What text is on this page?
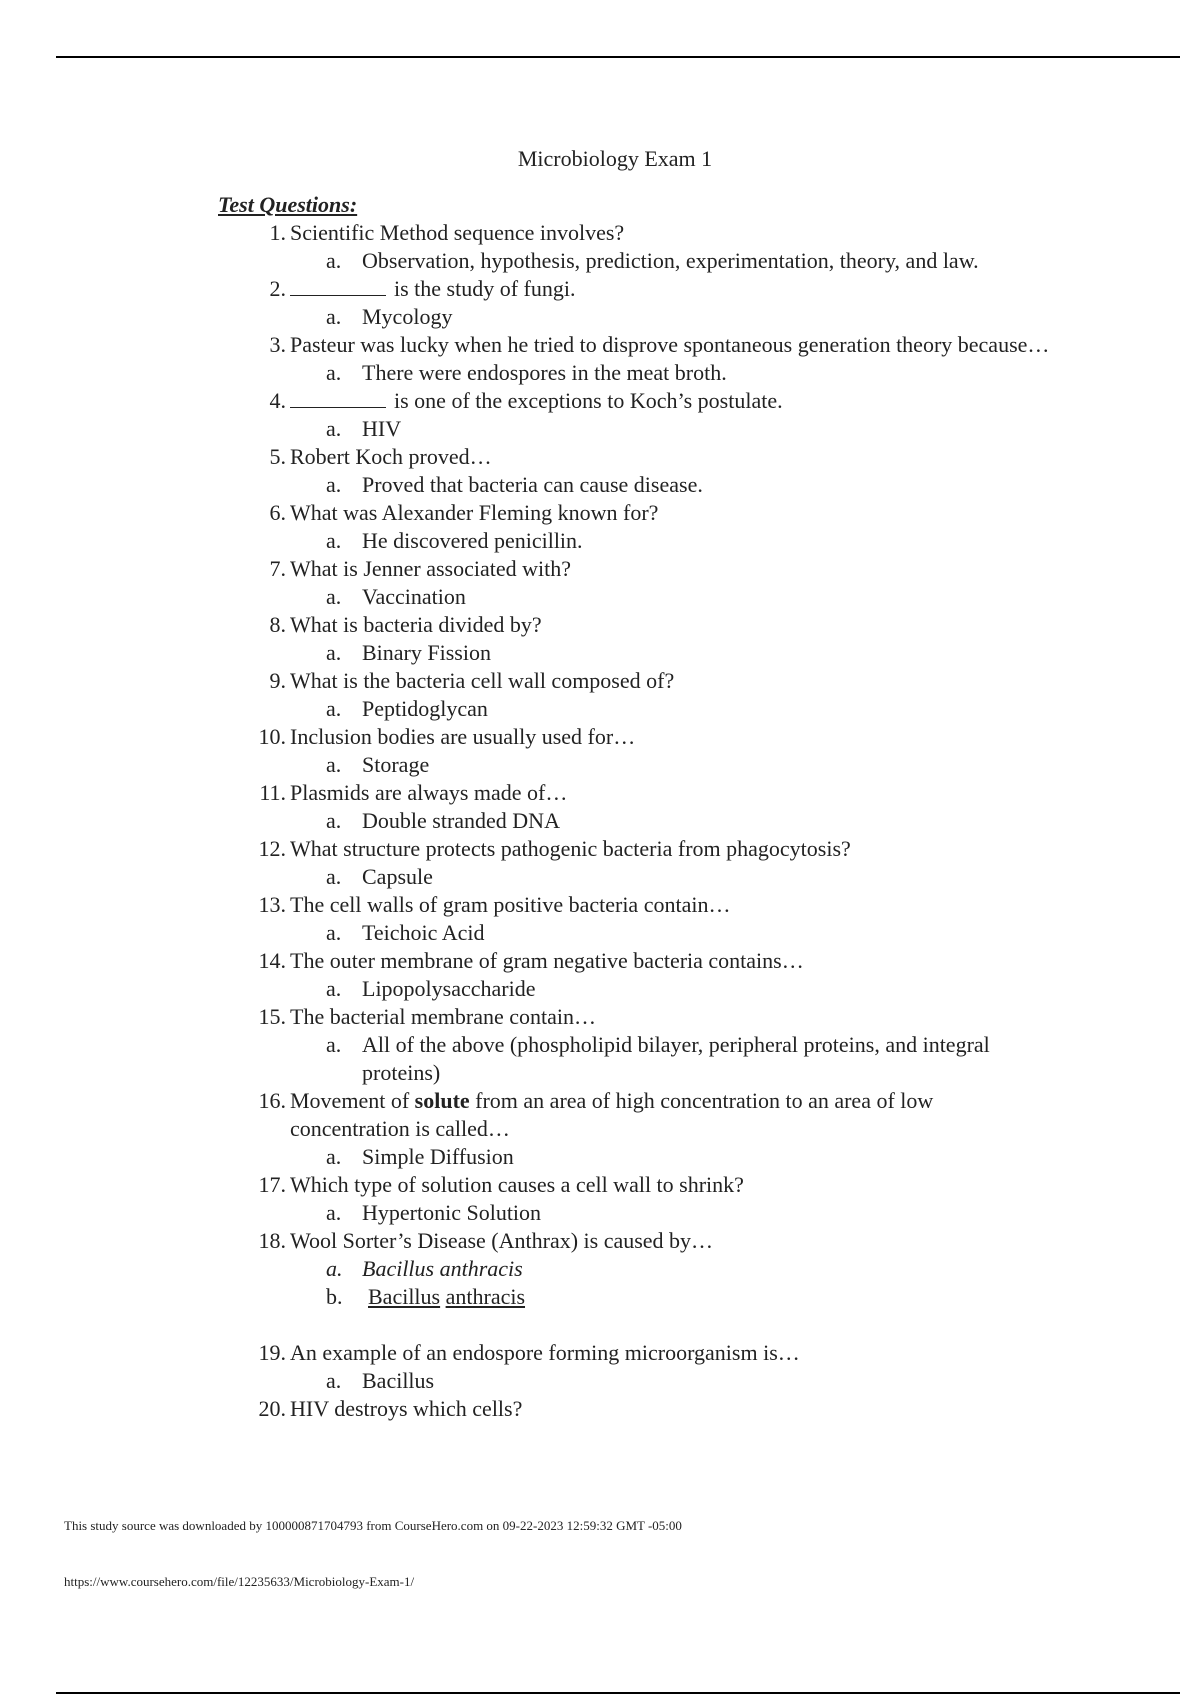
Microbiology Exam 1
Test Questions:
1. Scientific Method sequence involves?
a. Observation, hypothesis, prediction, experimentation, theory, and law.
2.	is the study of fungi.
a. Mycology
3. Pasteur was lucky when he tried to disprove spontaneous generation theory because…
a. There were endospores in the meat broth.
4.	is one of the exceptions to Koch’s postulate.
a. HIV
5. Robert Koch proved…
a. Proved that bacteria can cause disease.
6. What was Alexander Fleming known for?
a. He discovered penicillin.
7. What is Jenner associated with?
a. Vaccination
8. What is bacteria divided by?
a. Binary Fission
9. What is the bacteria cell wall composed of?
a. Peptidoglycan
10. Inclusion bodies are usually used for…
a. Storage
11. Plasmids are always made of…
a. Double stranded DNA
12. What structure protects pathogenic bacteria from phagocytosis?
a. Capsule
13. The cell walls of gram positive bacteria contain…
a. Teichoic Acid
14. The outer membrane of gram negative bacteria contains…
a. Lipopolysaccharide
15. The bacterial membrane contain…
a. All of the above (phospholipid bilayer, peripheral proteins, and integral proteins)
16. Movement of solute from an area of high concentration to an area of low concentration is called…
a. Simple Diffusion
17. Which type of solution causes a cell wall to shrink?
a. Hypertonic Solution
18. Wool Sorter’s Disease (Anthrax) is caused by…
a. Bacillus anthracis
b. Bacillus anthracis
19. An example of an endospore forming microorganism is…
a. Bacillus
20. HIV destroys which cells?
This study source was downloaded by 100000871704793 from CourseHero.com on 09-22-2023 12:59:32 GMT -05:00
https://www.coursehero.com/file/12235633/Microbiology-Exam-1/
